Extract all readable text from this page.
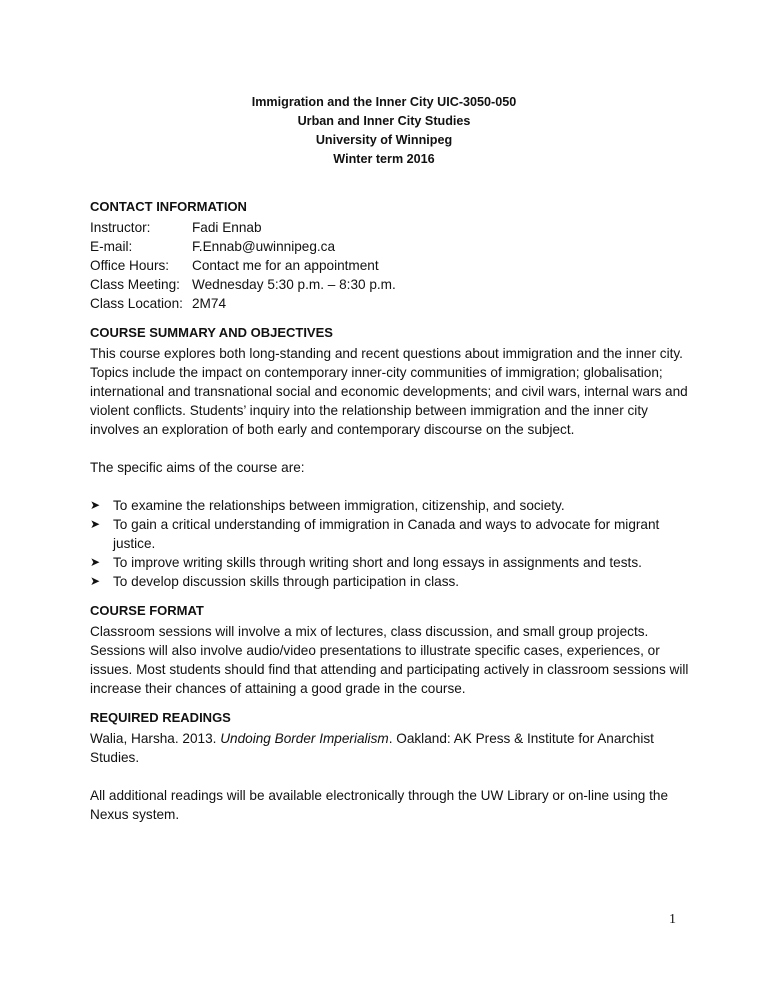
Immigration and the Inner City UIC-3050-050
Urban and Inner City Studies
University of Winnipeg
Winter term 2016
CONTACT INFORMATION
Instructor:	Fadi Ennab
E-mail:	F.Ennab@uwinnipeg.ca
Office Hours:	Contact me for an appointment
Class Meeting: Wednesday 5:30 p.m. – 8:30 p.m.
Class Location: 2M74
COURSE SUMMARY AND OBJECTIVES

This course explores both long-standing and recent questions about immigration and the inner city. Topics include the impact on contemporary inner-city communities of immigration; globalisation; international and transnational social and economic developments; and civil wars, internal wars and violent conflicts. Students’ inquiry into the relationship between immigration and the inner city involves an exploration of both early and contemporary discourse on the subject.

The specific aims of the course are:

➤ To examine the relationships between immigration, citizenship, and society.
➤ To gain a critical understanding of immigration in Canada and ways to advocate for migrant justice.
➤ To improve writing skills through writing short and long essays in assignments and tests.
➤ To develop discussion skills through participation in class.
COURSE FORMAT

Classroom sessions will involve a mix of lectures, class discussion, and small group projects. Sessions will also involve audio/video presentations to illustrate specific cases, experiences, or issues. Most students should find that attending and participating actively in classroom sessions will increase their chances of attaining a good grade in the course.

REQUIRED READINGS

Walia, Harsha. 2013. Undoing Border Imperialism. Oakland: AK Press & Institute for Anarchist Studies.

All additional readings will be available electronically through the UW Library or on-line using the Nexus system.

1
